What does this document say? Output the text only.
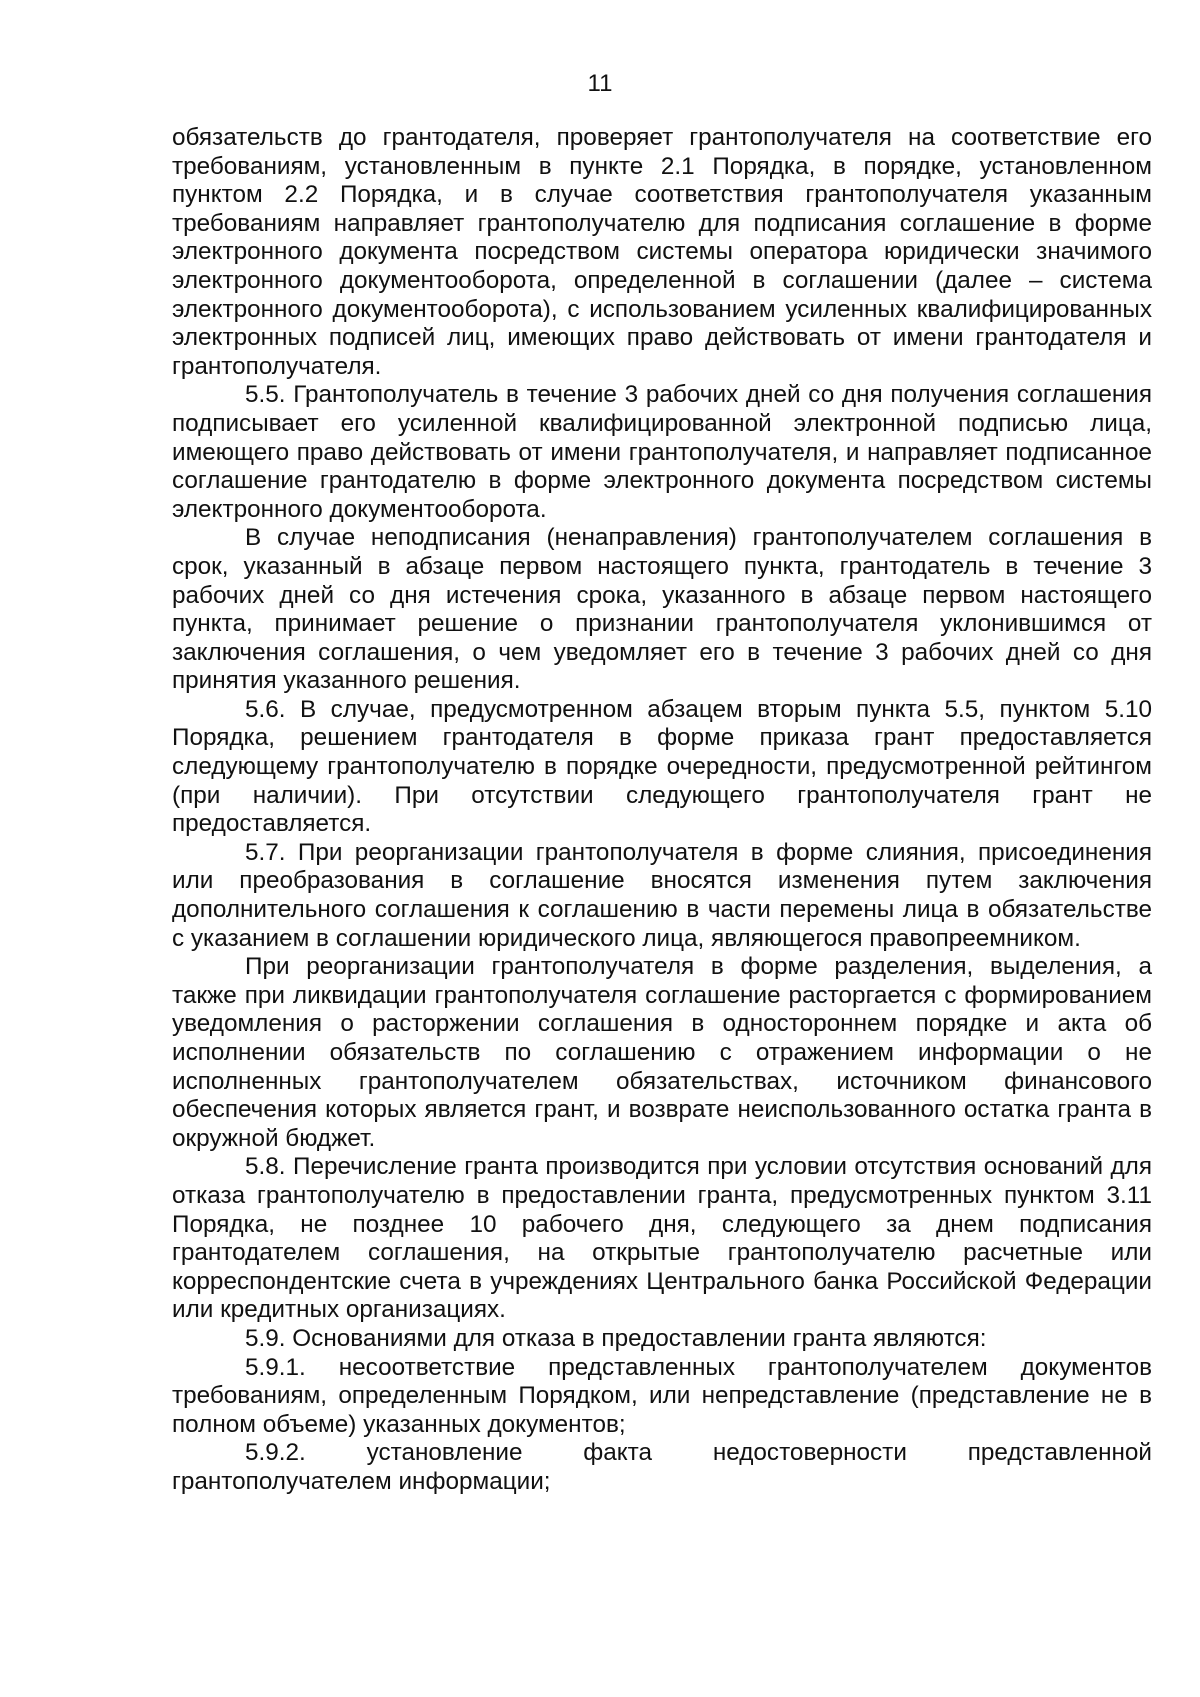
11

обязательств до грантодателя, проверяет грантополучателя на соответствие его требованиям, установленным в пункте 2.1 Порядка, в порядке, установленном пунктом 2.2 Порядка, и в случае соответствия грантополучателя указанным требованиям направляет грантополучателю для подписания соглашение в форме электронного документа посредством системы оператора юридически значимого электронного документооборота, определенной в соглашении (далее – система электронного документооборота), с использованием усиленных квалифицированных электронных подписей лиц, имеющих право действовать от имени грантодателя и грантополучателя.

5.5. Грантополучатель в течение 3 рабочих дней со дня получения соглашения подписывает его усиленной квалифицированной электронной подписью лица, имеющего право действовать от имени грантополучателя, и направляет подписанное соглашение грантодателю в форме электронного документа посредством системы электронного документооборота.

В случае неподписания (ненаправления) грантополучателем соглашения в срок, указанный в абзаце первом настоящего пункта, грантодатель в течение 3 рабочих дней со дня истечения срока, указанного в абзаце первом настоящего пункта, принимает решение о признании грантополучателя уклонившимся от заключения соглашения, о чем уведомляет его в течение 3 рабочих дней со дня принятия указанного решения.

5.6. В случае, предусмотренном абзацем вторым пункта 5.5, пунктом 5.10 Порядка, решением грантодателя в форме приказа грант предоставляется следующему грантополучателю в порядке очередности, предусмотренной рейтингом (при наличии). При отсутствии следующего грантополучателя грант не предоставляется.

5.7. При реорганизации грантополучателя в форме слияния, присоединения или преобразования в соглашение вносятся изменения путем заключения дополнительного соглашения к соглашению в части перемены лица в обязательстве с указанием в соглашении юридического лица, являющегося правопреемником.

При реорганизации грантополучателя в форме разделения, выделения, а также при ликвидации грантополучателя соглашение расторгается с формированием уведомления о расторжении соглашения в одностороннем порядке и акта об исполнении обязательств по соглашению с отражением информации о не исполненных грантополучателем обязательствах, источником финансового обеспечения которых является грант, и возврате неиспользованного остатка гранта в окружной бюджет.

5.8. Перечисление гранта производится при условии отсутствия оснований для отказа грантополучателю в предоставлении гранта, предусмотренных пунктом 3.11 Порядка, не позднее 10 рабочего дня, следующего за днем подписания грантодателем соглашения, на открытые грантополучателю расчетные или корреспондентские счета в учреждениях Центрального банка Российской Федерации или кредитных организациях.

5.9. Основаниями для отказа в предоставлении гранта являются:

5.9.1. несоответствие представленных грантополучателем документов требованиям, определенным Порядком, или непредставление (представление не в полном объеме) указанных документов;

5.9.2. установление факта недостоверности представленной грантополучателем информации;
